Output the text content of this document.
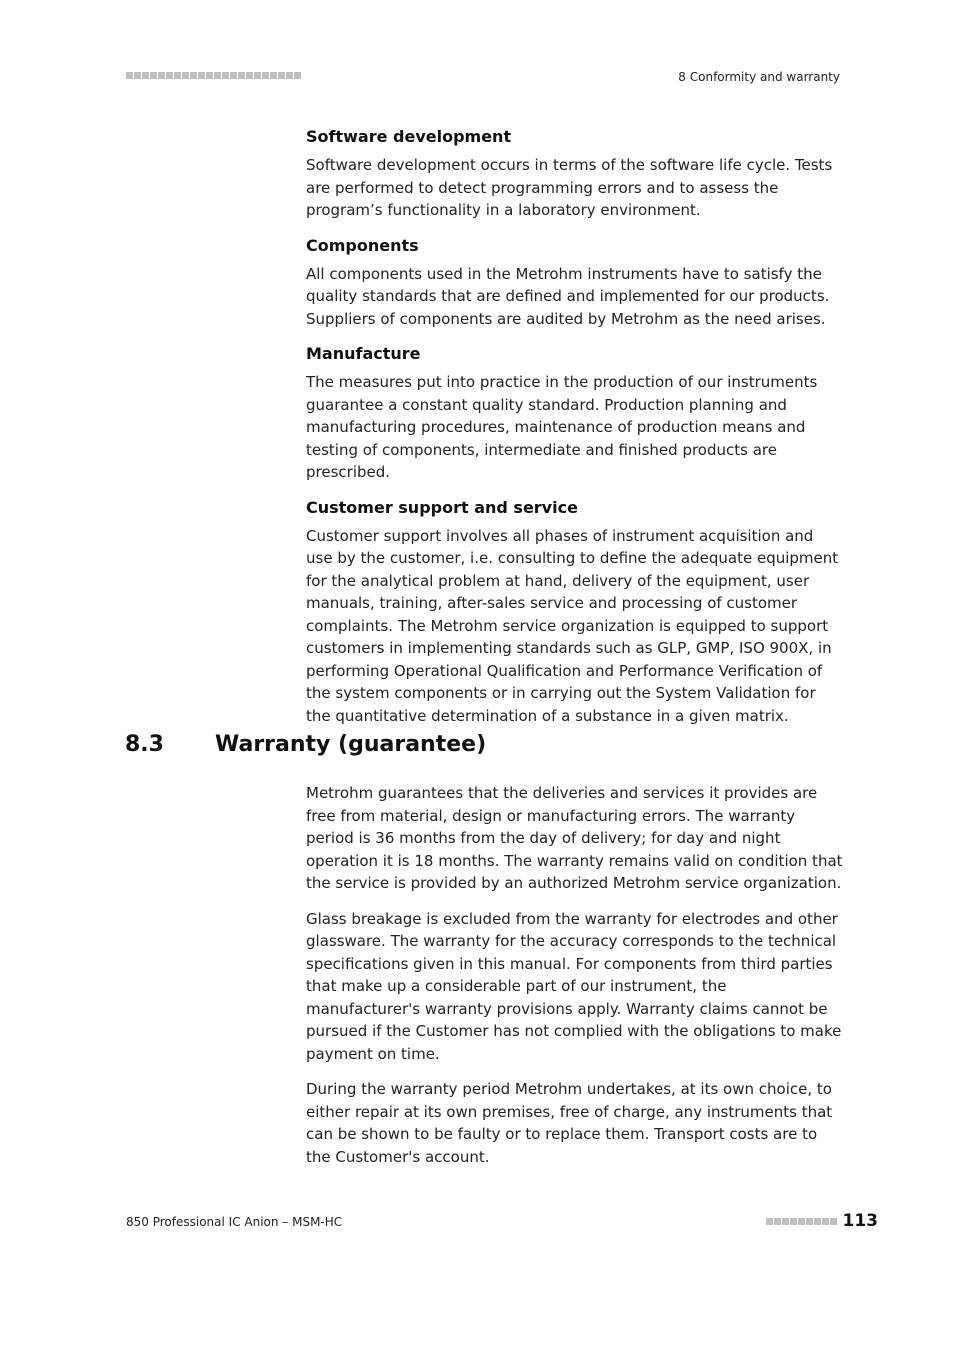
8 Conformity and warranty
Software development

Software development occurs in terms of the software life cycle. Tests are performed to detect programming errors and to assess the program’s functionality in a laboratory environment.

Components

All components used in the Metrohm instruments have to satisfy the quality standards that are defined and implemented for our products. Suppliers of components are audited by Metrohm as the need arises.

Manufacture

The measures put into practice in the production of our instruments guarantee a constant quality standard. Production planning and manufacturing procedures, maintenance of production means and testing of components, intermediate and finished products are prescribed.

Customer support and service

Customer support involves all phases of instrument acquisition and use by the customer, i.e. consulting to define the adequate equipment for the analytical problem at hand, delivery of the equipment, user manuals, training, after-sales service and processing of customer complaints. The Metrohm service organization is equipped to support customers in implementing standards such as GLP, GMP, ISO 900X, in performing Operational Qualification and Performance Verification of the system components or in carrying out the System Validation for the quantitative determination of a substance in a given matrix.

8.3 Warranty (guarantee)

Metrohm guarantees that the deliveries and services it provides are free from material, design or manufacturing errors. The warranty period is 36 months from the day of delivery; for day and night operation it is 18 months. The warranty remains valid on condition that the service is provided by an authorized Metrohm service organization.

Glass breakage is excluded from the warranty for electrodes and other glassware. The warranty for the accuracy corresponds to the technical specifications given in this manual. For components from third parties that make up a considerable part of our instrument, the manufacturer's warranty provisions apply. Warranty claims cannot be pursued if the Customer has not complied with the obligations to make payment on time.

During the warranty period Metrohm undertakes, at its own choice, to either repair at its own premises, free of charge, any instruments that can be shown to be faulty or to replace them. Transport costs are to the Customer's account.

850 Professional IC Anion – MSM-HC	113
